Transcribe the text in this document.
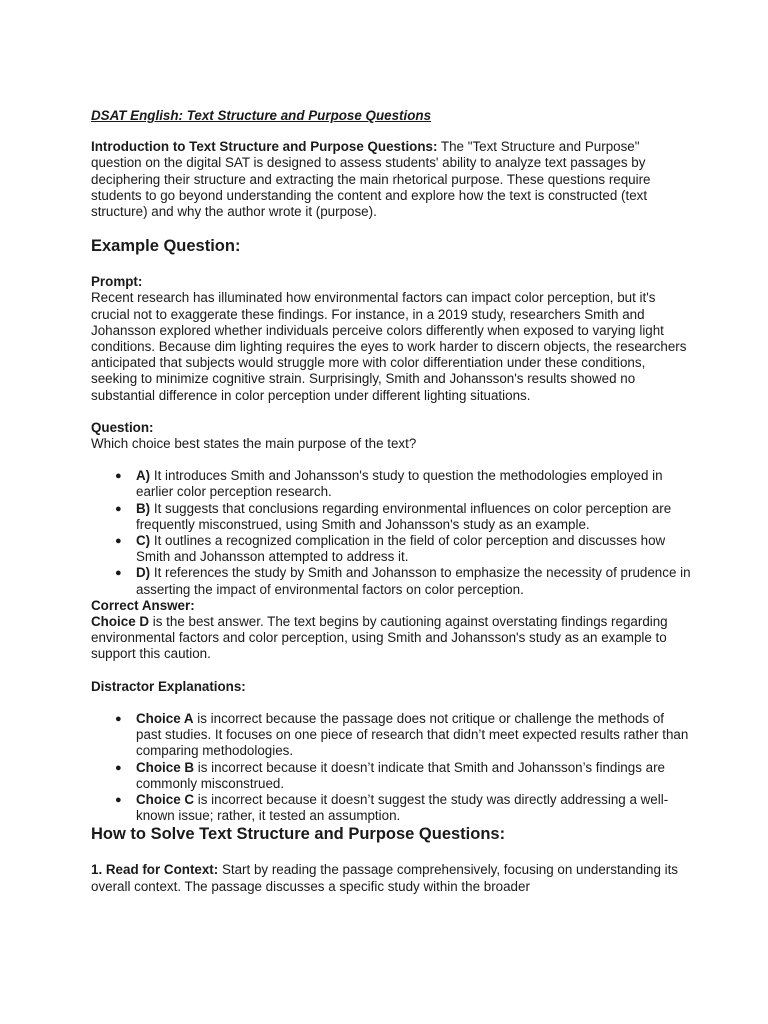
DSAT English: Text Structure and Purpose Questions

Introduction to Text Structure and Purpose Questions: The "Text Structure and Purpose" question on the digital SAT is designed to assess students' ability to analyze text passages by deciphering their structure and extracting the main rhetorical purpose. These questions require students to go beyond understanding the content and explore how the text is constructed (text structure) and why the author wrote it (purpose).

Example Question:

Prompt:

Recent research has illuminated how environmental factors can impact color perception, but it's crucial not to exaggerate these findings. For instance, in a 2019 study, researchers Smith and Johansson explored whether individuals perceive colors differently when exposed to varying light conditions. Because dim lighting requires the eyes to work harder to discern objects, the researchers anticipated that subjects would struggle more with color differentiation under these conditions, seeking to minimize cognitive strain. Surprisingly, Smith and Johansson's results showed no substantial difference in color perception under different lighting situations.

Question:

Which choice best states the main purpose of the text?

● A) It introduces Smith and Johansson's study to question the methodologies employed in earlier color perception research.
● B) It suggests that conclusions regarding environmental influences on color perception are frequently misconstrued, using Smith and Johansson's study as an example.
● C) It outlines a recognized complication in the field of color perception and discusses how Smith and Johansson attempted to address it.
● D) It references the study by Smith and Johansson to emphasize the necessity of prudence in asserting the impact of environmental factors on color perception.

Correct Answer:

Choice D is the best answer. The text begins by cautioning against overstating findings regarding environmental factors and color perception, using Smith and Johansson's study as an example to support this caution.

Distractor Explanations:

● Choice A is incorrect because the passage does not critique or challenge the methods of past studies. It focuses on one piece of research that didn’t meet expected results rather than comparing methodologies.
● Choice B is incorrect because it doesn’t indicate that Smith and Johansson’s findings are commonly misconstrued.
● Choice C is incorrect because it doesn’t suggest the study was directly addressing a well-known issue; rather, it tested an assumption.
How to Solve Text Structure and Purpose Questions:

1. Read for Context: Start by reading the passage comprehensively, focusing on understanding its overall context. The passage discusses a specific study within the broader
